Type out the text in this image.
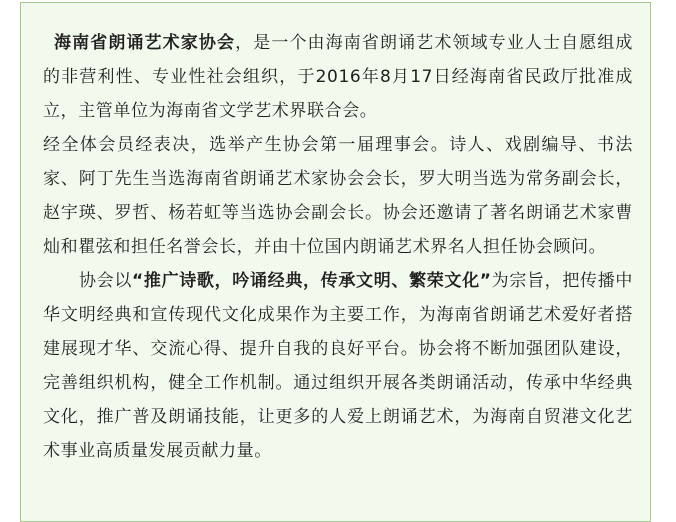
海南省朗诵艺术家协会，是一个由海南省朗诵艺术领域专业人士自愿组成的非营利性、专业性社会组织，于2016年8月17日经海南省民政厅批准成立，主管单位为海南省文学艺术界联合会。

经全体会员经表决，选举产生协会第一届理事会。诗人、戏剧编导、书法家、阿丁先生当选海南省朗诵艺术家协会会长，罗大明当选为常务副会长，赵宇瑛、罗哲、杨若虹等当选协会副会长。协会还邀请了著名朗诵艺术家曹灿和瞿弦和担任名誉会长，并由十位国内朗诵艺术界名人担任协会顾问。

协会以“推广诗歌，吟诵经典，传承文明、繁荣文化”为宗旨，把传播中华文明经典和宣传现代文化成果作为主要工作，为海南省朗诵艺术爱好者搭建展现才华、交流心得、提升自我的良好平台。协会将不断加强团队建设，完善组织机构，健全工作机制。通过组织开展各类朗诵活动，传承中华经典文化，推广普及朗诵技能，让更多的人爱上朗诵艺术，为海南自贸港文化艺术事业高质量发展贡献力量。
